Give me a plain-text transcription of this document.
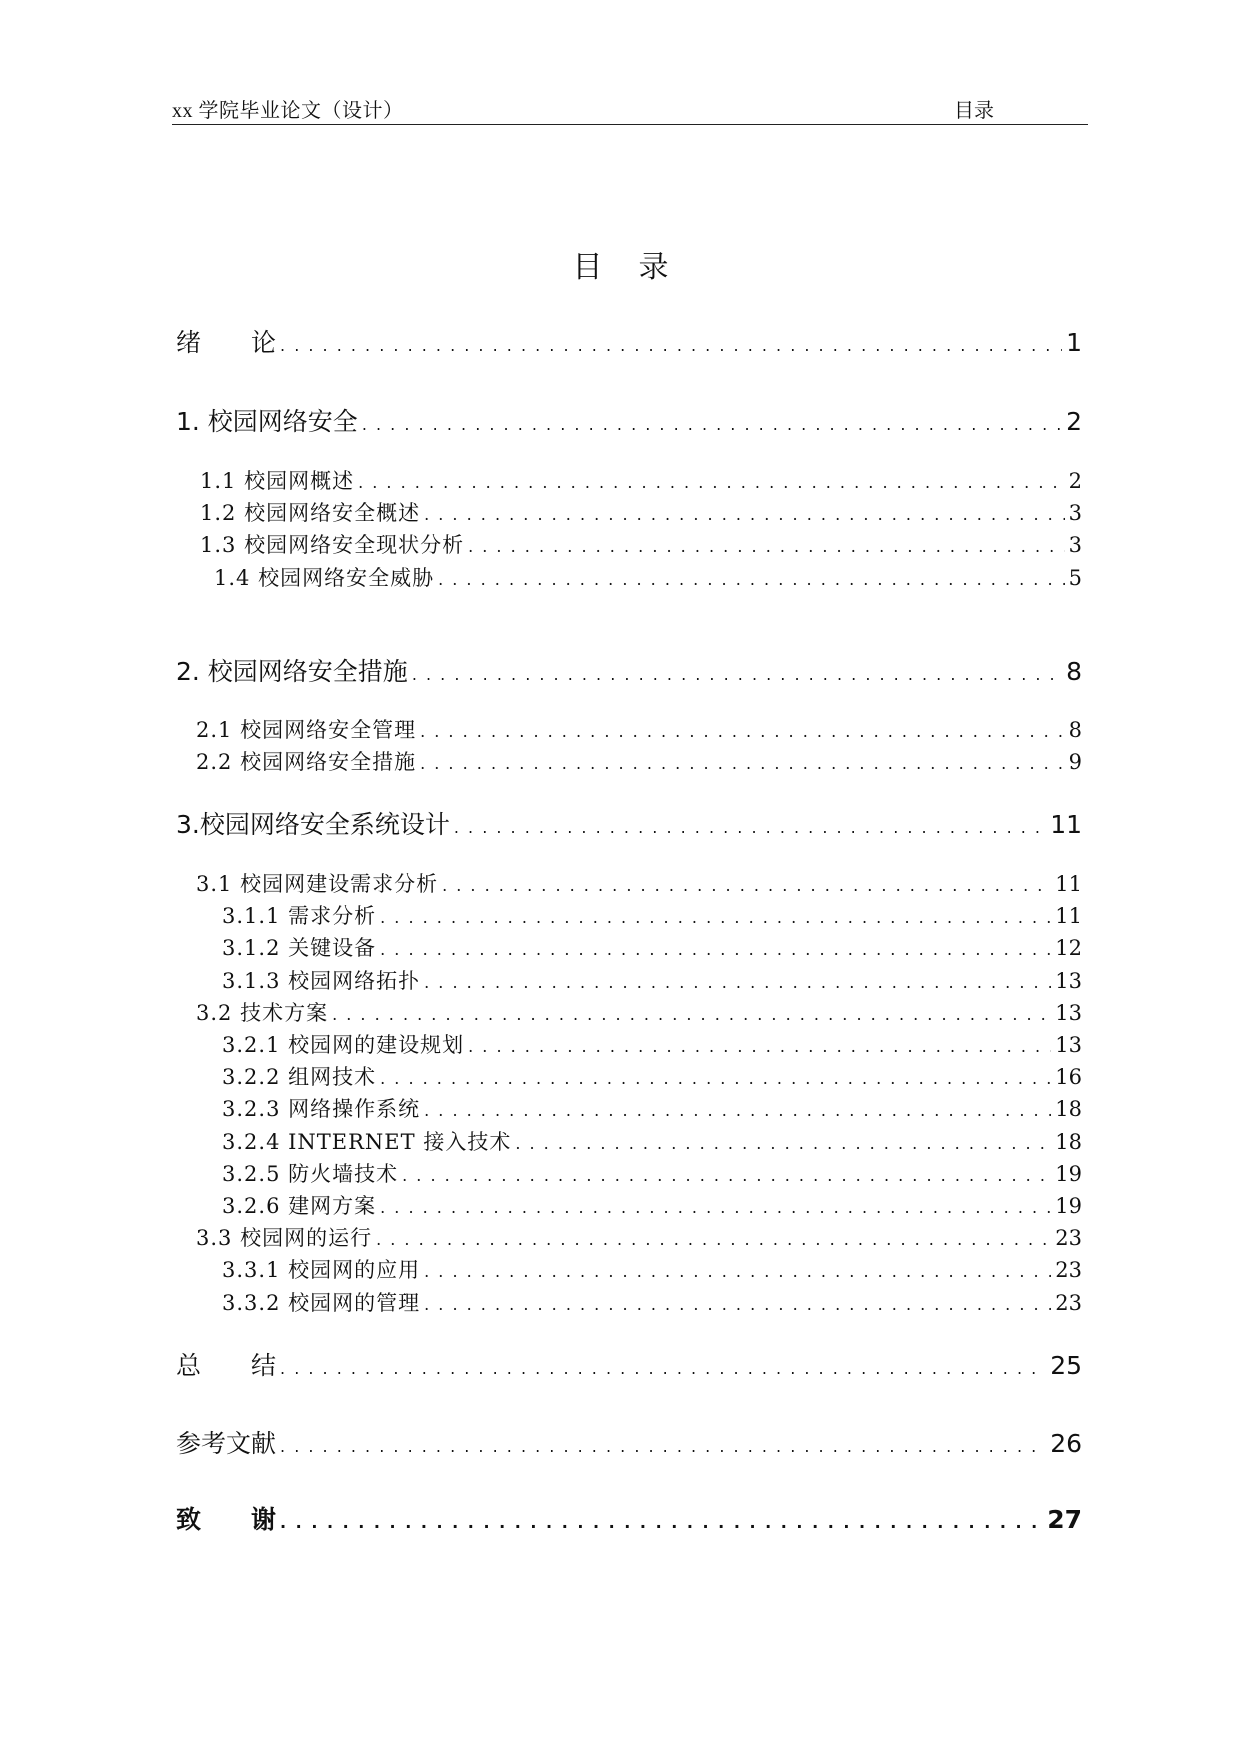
xx 学院毕业论文（设计）	目录
目录
绪　　论 . . .	1
1. 校园网络安全 . . .	2
1.1 校园网概述 . . .	2
1.2 校园网络安全概述 . . .	3
1.3 校园网络安全现状分析 . . .	3
1.4 校园网络安全威胁 . . .	5
2. 校园网络安全措施 . . .	8
2.1 校园网络安全管理 . . .	8
2.2 校园网络安全措施 . . .	9
3.校园网络安全系统设计 . . .	11
3.1 校园网建设需求分析 . . .	11
3.1.1 需求分析 . . .	11
3.1.2 关键设备 . . .	12
3.1.3 校园网络拓扑 . . .	13
3.2 技术方案 . . .	13
3.2.1 校园网的建设规划 . . .	13
3.2.2 组网技术 . . .	16
3.2.3 网络操作系统 . . .	18
3.2.4 INTERNET 接入技术 . . .	18
3.2.5 防火墙技术 . . .	19
3.2.6 建网方案 . . .	19
3.3 校园网的运行 . . .	23
3.3.1 校园网的应用 . . .	23
3.3.2 校园网的管理 . . .	23
总　　结 . . .	25
参考文献 . . .	26
致　　谢 . . .	27
